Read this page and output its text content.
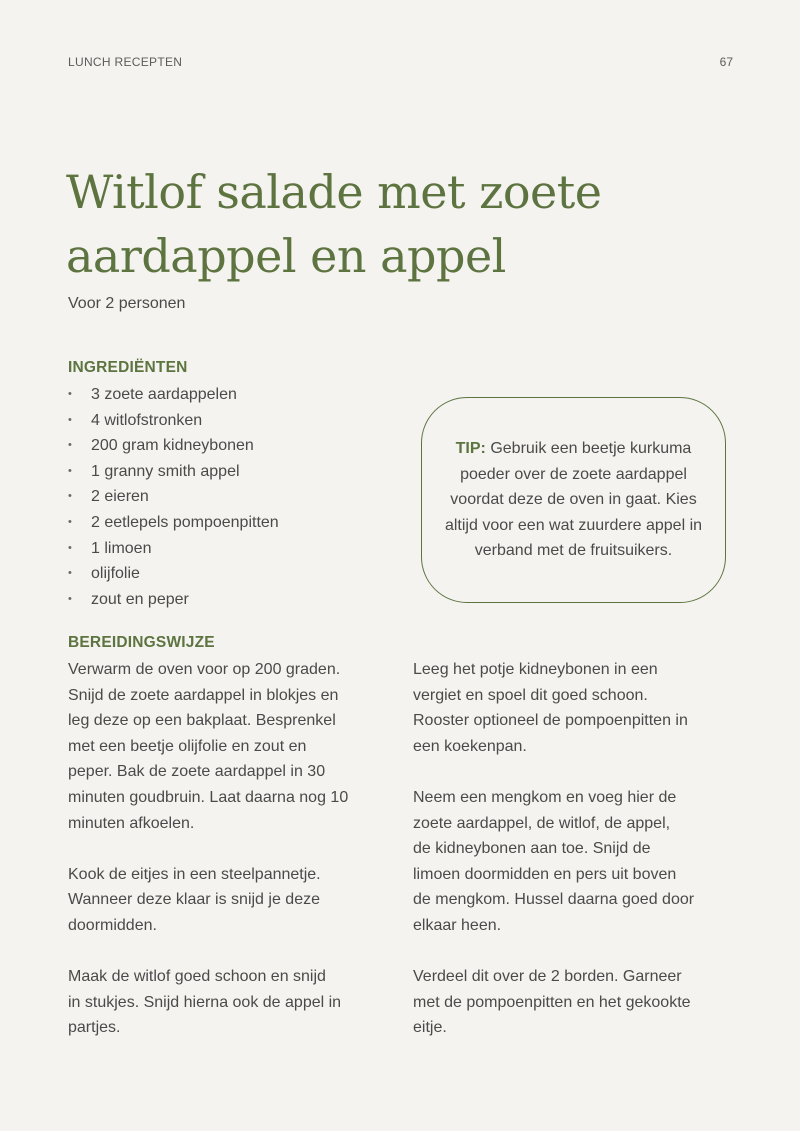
LUNCH RECEPTEN	67
Witlof salade met zoete aardappel en appel
Voor 2 personen
INGREDIËNTEN
• 3 zoete aardappelen
• 4 witlofstronken
• 200 gram kidneybonen
• 1 granny smith appel
• 2 eieren
• 2 eetlepels pompoenpitten
• 1 limoen
• olijfolie
• zout en peper
TIP: Gebruik een beetje kurkuma poeder over de zoete aardappel voordat deze de oven in gaat. Kies altijd voor een wat zuurdere appel in verband met de fruitsuikers.
BEREIDINGSWIJZE

Verwarm de oven voor op 200 graden.
Snijd de zoete aardappel in blokjes en
leg deze op een bakplaat. Besprenkel
met een beetje olijfolie en zout en
peper. Bak de zoete aardappel in 30
minuten goudbruin. Laat daarna nog 10
minuten afkoelen.

Kook de eitjes in een steelpannetje.
Wanneer deze klaar is snijd je deze
doormidden.

Maak de witlof goed schoon en snijd
in stukjes. Snijd hierna ook de appel in
partjes.

Leeg het potje kidneybonen in een
vergiet en spoel dit goed schoon.
Rooster optioneel de pompoenpitten in
een koekenpan.

Neem een mengkom en voeg hier de
zoete aardappel, de witlof, de appel,
de kidneybonen aan toe. Snijd de
limoen doormidden en pers uit boven
de mengkom. Hussel daarna goed door
elkaar heen.

Verdeel dit over de 2 borden. Garneer
met de pompoenpitten en het gekookte
eitje.
